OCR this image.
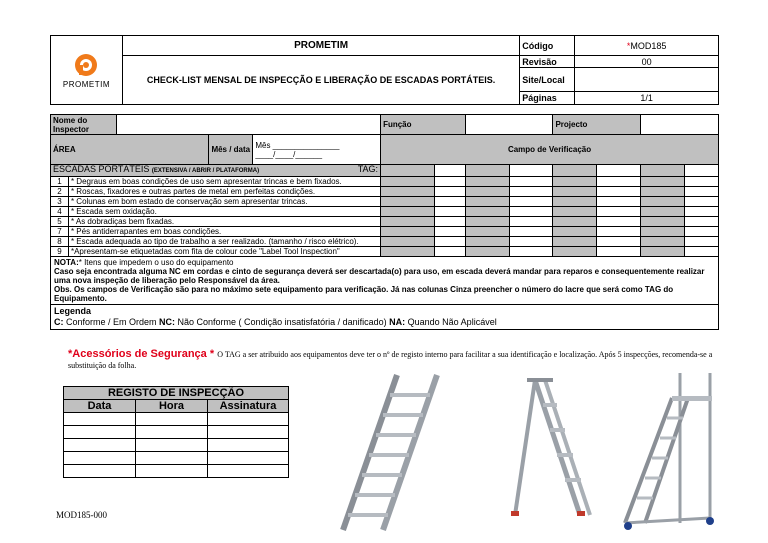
PROMETIM	PROMETIM	Código	*MOD185
	CHECK-LIST MENSAL DE INSPECÇÃO E LIBERAÇÃO DE ESCADAS PORTÁTEIS.	Revisão	00
		Site/Local	
		Páginas	1/1
Nome do Inspector					Função				Projecto			
ÁREA			Mês / data	Mês _______________
____/____/______	Campo de Verificação							
ESCADAS PORTÁTEIS (EXTENSIVA / ABRIR / PLATAFORMA) TAG:												

1	* Degraus em boas condições de uso sem apresentar trincas e bem fixados.											
2	* Roscas, fixadores e outras partes de metal em perfeitas condições.											
3	* Colunas em bom estado de conservação sem apresentar trincas.											
4	* Escada sem oxidação.											
5	* As dobradiças bem fixadas.											
7	* Pés antiderrapantes em boas condições.											
8	* Escada adequada ao tipo de trabalho a ser realizado. (tamanho / risco elétrico).											
9	*Apresentam-se etiquetadas com fita de colour code "Label Tool Inspection"											

NOTA:* Itens que impedem o uso do equipamento
Caso seja encontrada alguma NC em cordas e cinto de segurança deverá ser descartada(o) para uso, em escada deverá mandar para reparos e consequentemente realizar uma nova inspeção de liberação pelo Responsável da área.
Obs. Os campos de Verificação são para no máximo sete equipamento para verificação. Já nas colunas Cinza preencher o número do lacre que será como TAG do Equipamento.												

Legenda
C: Conforme / Em Ordem NC: Não Conforme ( Condição insatisfatória / danificado) NA: Quando Não Aplicável												
*Acessórios de Segurança * O TAG a ser atribuido aos equipamentos deve ter o nº de registo interno para facilitar a sua identificação e localização. Após 5 inspecções, recomenda-se a substituição da folha.
REGISTO DE INSPECÇÃO		
Data	Hora	Assinatura

MOD185-000
